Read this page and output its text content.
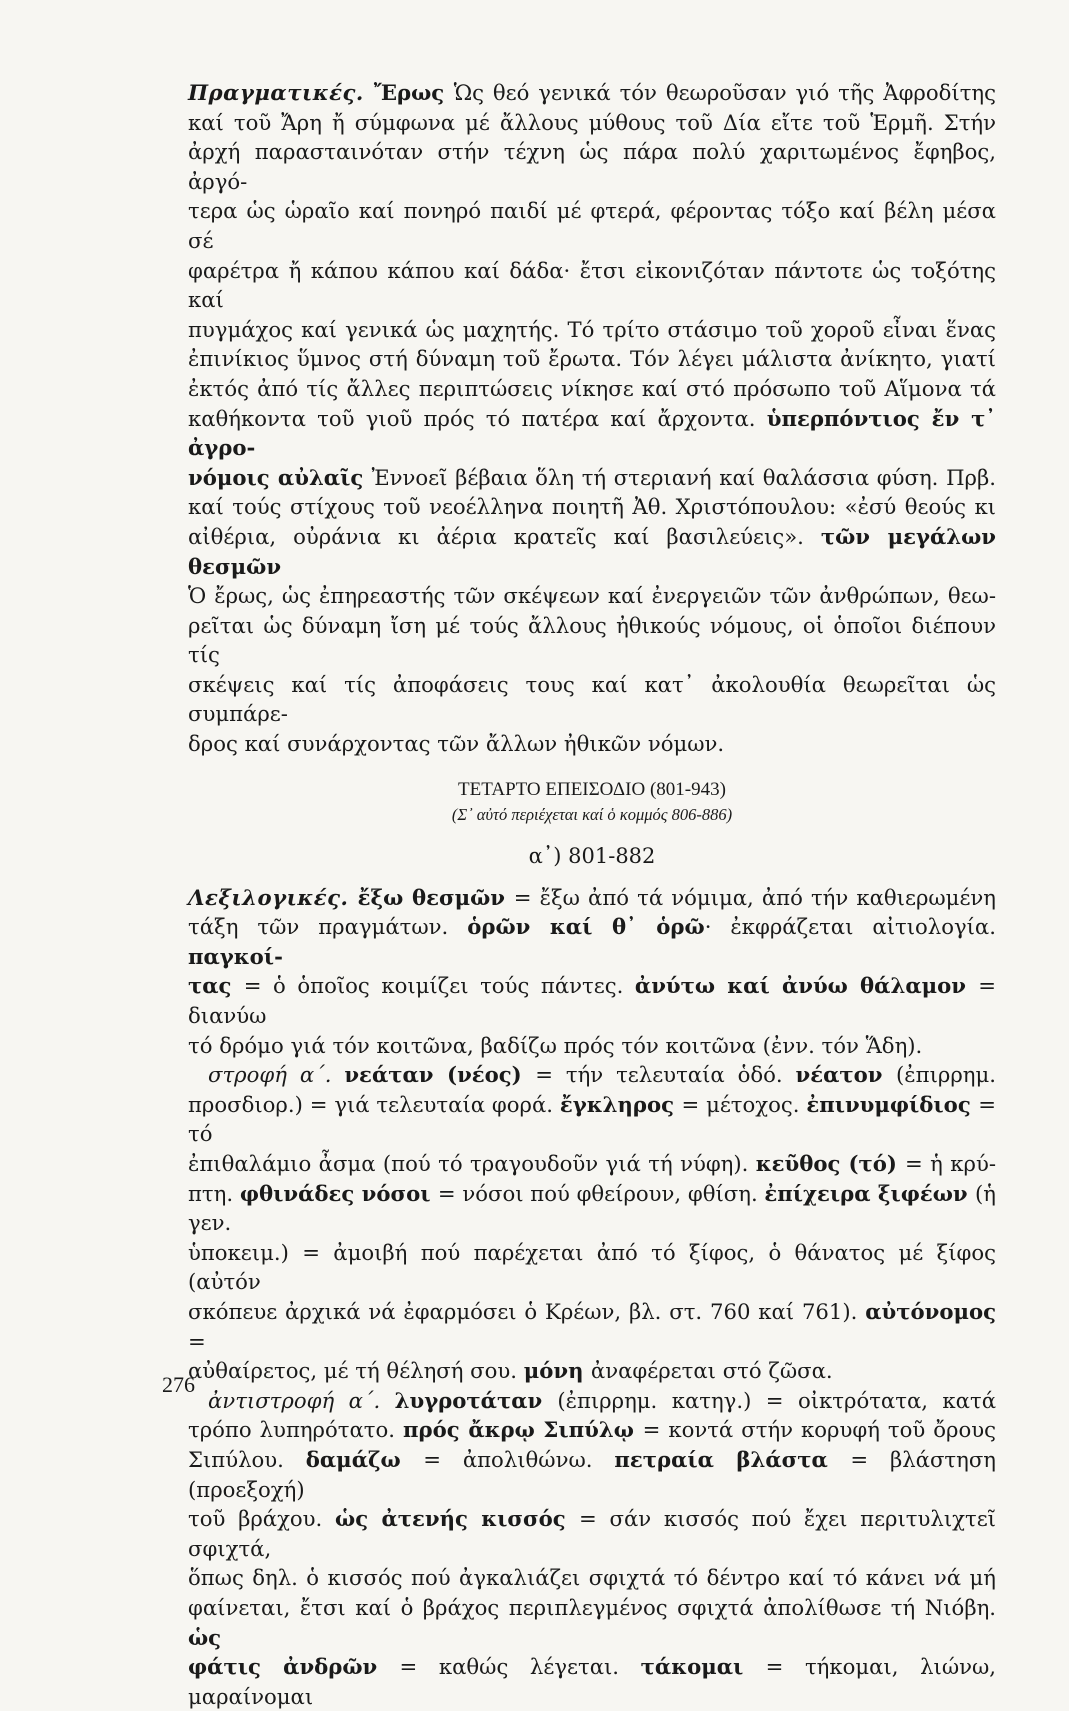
Πραγματικές. Ἔρως Ὡς θεό γενικά τόν θεωροῦσαν γιό τῆς Ἀφροδίτης

καί τοῦ Ἄρη ἤ σύμφωνα μέ ἄλλους μύθους τοῦ Δία εἴτε τοῦ Ἑρμῆ. Στήν

ἀρχή παρασταινόταν στήν τέχνη ὡς πάρα πολύ χαριτωμένος ἔφηβος, ἀργό-

τερα ὡς ὡραῖο καί πονηρό παιδί μέ φτερά, φέροντας τόξο καί βέλη μέσα σέ

φαρέτρα ἤ κάπου κάπου καί δάδα· ἔτσι εἰκονιζόταν πάντοτε ὡς τοξότης καί

πυγμάχος καί γενικά ὡς μαχητής. Τό τρίτο στάσιμο τοῦ χοροῦ εἶναι ἕνας

ἐπινίκιος ὕμνος στή δύναμη τοῦ ἔρωτα. Τόν λέγει μάλιστα ἀνίκητο, γιατί

ἐκτός ἀπό τίς ἄλλες περιπτώσεις νίκησε καί στό πρόσωπο τοῦ Αἵμονα τά

καθήκοντα τοῦ γιοῦ πρός τό πατέρα καί ἄρχοντα. ὑπερπόντιος ἔν τ᾽ ἀγρο-

νόμοις αὐλαῖς Ἐννοεῖ βέβαια ὅλη τή στεριανή καί θαλάσσια φύση. Πρβ.

καί τούς στίχους τοῦ νεοέλληνα ποιητῆ Ἀθ. Χριστόπουλου: «ἐσύ θεούς κι

αἰθέρια, οὐράνια κι ἀέρια κρατεῖς καί βασιλεύεις». τῶν μεγάλων θεσμῶν

Ὁ ἔρως, ὡς ἐπηρεαστής τῶν σκέψεων καί ἐνεργειῶν τῶν ἀνθρώπων, θεω-

ρεῖται ὡς δύναμη ἴση μέ τούς ἄλλους ἠθικούς νόμους, οἱ ὁποῖοι διέπουν τίς

σκέψεις καί τίς ἀποφάσεις τους καί κατ᾽ ἀκολουθία θεωρεῖται ὡς συμπάρε-

δρος καί συνάρχοντας τῶν ἄλλων ἠθικῶν νόμων.

ΤΕΤΑΡΤΟ ΕΠΕΙΣΟΔΙΟ (801-943)

(Σ᾽ αὐτό περιέχεται καί ὁ κομμός 806-886)

α᾽) 801-882

Λεξιλογικές. ἔξω θεσμῶν = ἔξω ἀπό τά νόμιμα, ἀπό τήν καθιερωμένη

τάξη τῶν πραγμάτων. ὁρῶν καί θ᾽ ὁρῶ· ἐκφράζεται αἰτιολογία. παγκοί-

τας = ὁ ὁποῖος κοιμίζει τούς πάντες. ἀνύτω καί ἀνύω θάλαμον = διανύω

τό δρόμο γιά τόν κοιτῶνα, βαδίζω πρός τόν κοιτῶνα (ἐνν. τόν Ἅδη).

στροφή α΄. νεάταν (νέος) = τήν τελευταία ὁδό. νέατον (ἐπιρρημ.

προσδιορ.) = γιά τελευταία φορά. ἔγκληρος = μέτοχος. ἐπινυμφίδιος = τό

ἐπιθαλάμιο ἆσμα (πού τό τραγουδοῦν γιά τή νύφη). κεῦθος (τό) = ἡ κρύ-

πτη. φθινάδες νόσοι = νόσοι πού φθείρουν, φθίση. ἐπίχειρα ξιφέων (ἡ γεν.

ὑποκειμ.) = ἀμοιβή πού παρέχεται ἀπό τό ξίφος, ὁ θάνατος μέ ξίφος (αὐτόν

σκόπευε ἀρχικά νά ἐφαρμόσει ὁ Κρέων, βλ. στ. 760 καί 761). αὐτόνομος =

αὐθαίρετος, μέ τή θέλησή σου. μόνη ἀναφέρεται στό ζῶσα.

ἀντιστροφή α΄. λυγροτάταν (ἐπιρρημ. κατηγ.) = οἰκτρότατα, κατά

τρόπο λυπηρότατο. πρός ἄκρῳ Σιπύλῳ = κοντά στήν κορυφή τοῦ ὄρους

Σιπύλου. δαμάζω = ἀπολιθώνω. πετραία βλάστα = βλάστηση (προεξοχή)

τοῦ βράχου. ὡς ἀτενής κισσός = σάν κισσός πού ἔχει περιτυλιχτεῖ σφιχτά,

ὅπως δηλ. ὁ κισσός πού ἀγκαλιάζει σφιχτά τό δέντρο καί τό κάνει νά μή

φαίνεται, ἔτσι καί ὁ βράχος περιπλεγμένος σφιχτά ἀπολίθωσε τή Νιόβη. ὡς

φάτις ἀνδρῶν = καθώς λέγεται. τάκομαι = τήκομαι, λιώνω, μαραίνομαι

276
